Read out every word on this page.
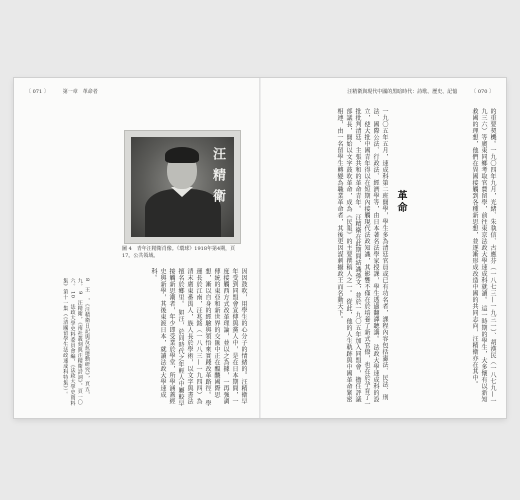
〔 071 〕	第一章　革命者
因因鼓吹，用學生的心分子的情緒的。汪精衛早年受到同盟會宣傳與黨人中，是在日本期間，一度接觸西方式改革理論，並以之為據，一再強調傳統的東亞和新世界的交匯中正在醞釀國際思想，漸以自身的經驗與領悟來實踐改革路徑。 學運長於江南，汪兆銘（一八八三—一九四四）為清末廣東番禺人，族人長於學術，以文字與書法擅名於鄉里。 如汪，於同時代之年輕人中屬較早接觸新思潮者，年少即受業於學堂，所學涵蓋經史與新學，其後東渡日本，就讀法政大學速成科。
8　王　，《汪精衛日記與反抗運動研究》，頁五，九。 9　汪精衛，《南社叢刻與汪精衛詩詞》，頁一〇六。 10　法政大學史料委員會編，《法政大學史資料集》第十一集（《清國留學生法政速成科特集》）。
汪精衛
圖 4　青年汪精衛肖像。《環球》1918年第4期，頁 17。公共領域。
汪精衛與現代中國的黑暗時代：詩歌、歷史、記憶	〔 070 〕
的重要契機。一九〇四年九月，光緒、朱執信、古應芬（一八七三—一九三一）、胡漢民（一八七九—一九三六）等廣東同鄉考取官費留學，前往東京法政大學速成科就讀。 這一時期的學生，大多懷有以新知救國的理想，他們在異國接觸到各種新思想，並逐漸形成改造中國的共同志向，汪精衛亦在其中。
革命
一九〇五年五月，速成科第二班開學，學生多為清廷官員或已有功名者，課程內容包括憲法、民法、刑法、國際公法、行政法、經濟學等，由日本著名法學家授課，學生透過翻譯聽講。 法政大學速成科的設立，使大批中國青年得以在短期內接觸現代法政知識，其影響不僅在於培養了新式官僚，也在於孕育了一批批判清廷、主張共和的革命青年。 汪精衛在此期間結識孫文，並於一九〇五年加入同盟會，擔任評議部議長，開始以文字鼓吹革命，成為《民報》的主要撰稿人之一。 從此，他的人生軌跡與中國革命緊密相連，由一名留學生轉變為職業革命者，其後更因謀刺攝政王而名動天下。
